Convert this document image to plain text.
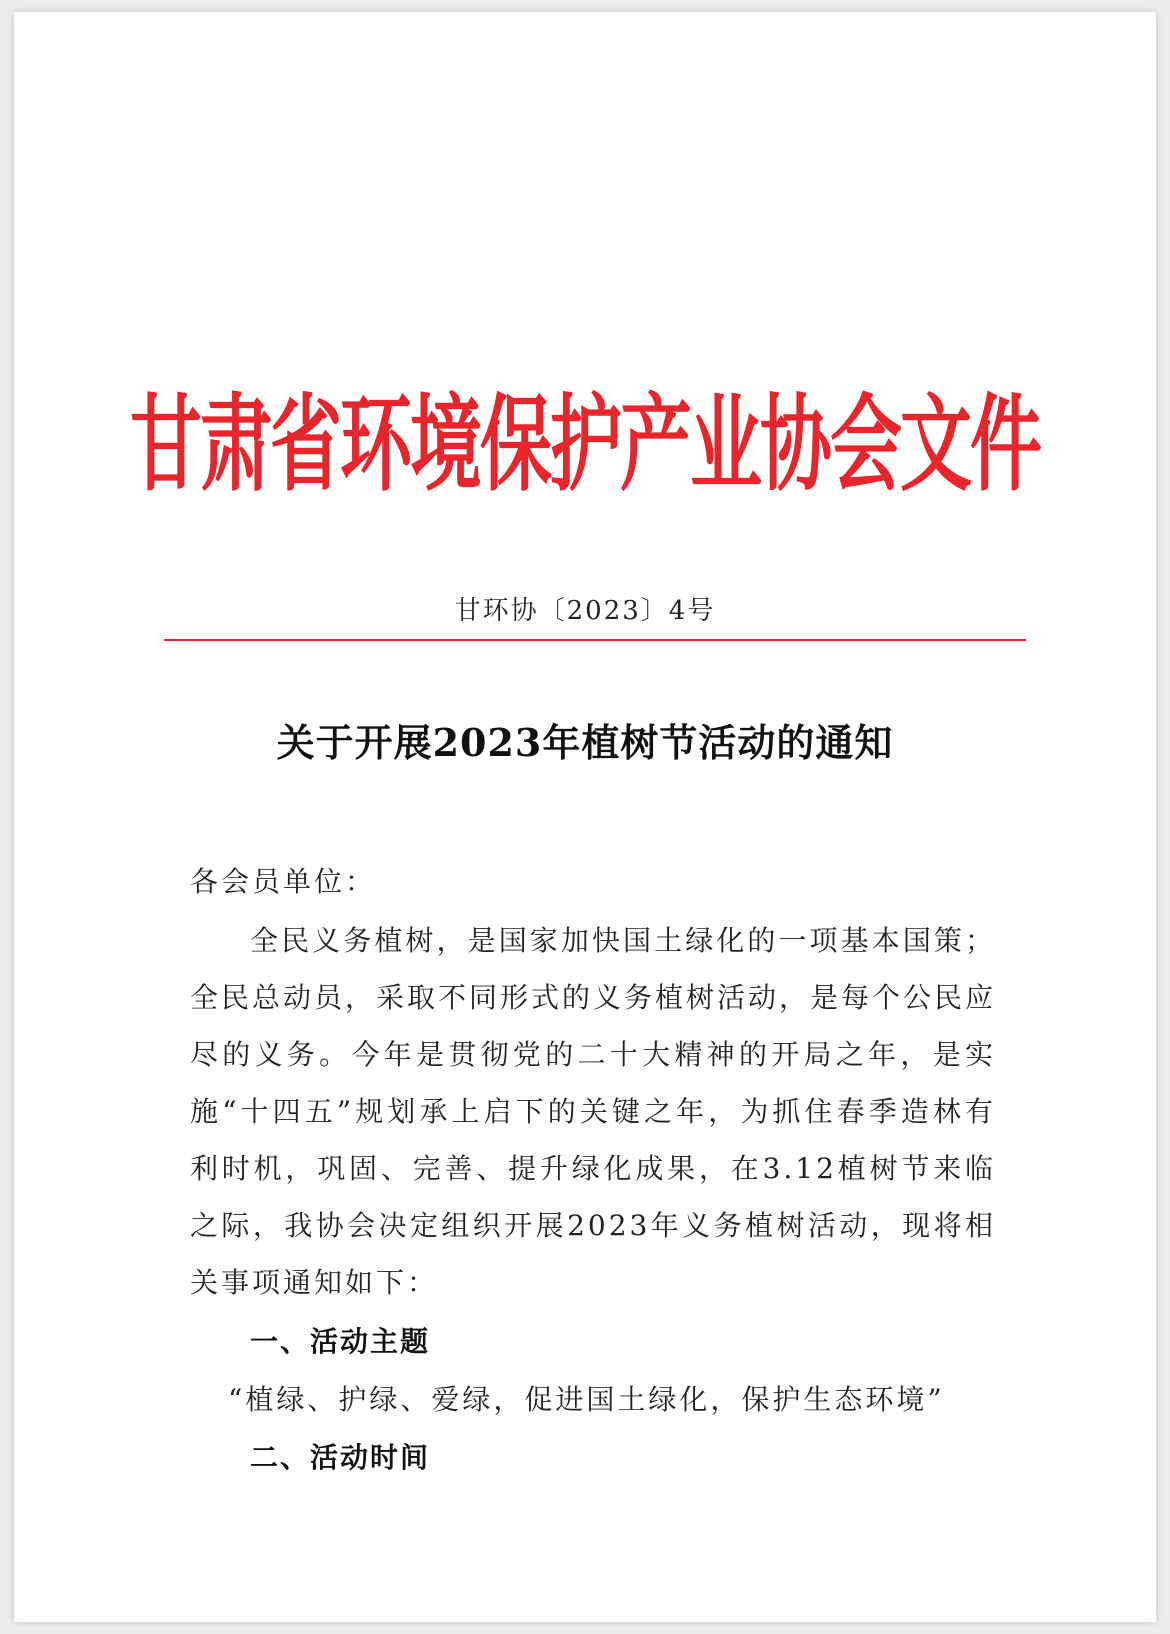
甘肃省环境保护产业协会文件
甘环协〔2023〕4号
关于开展2023年植树节活动的通知
各会员单位：
全民义务植树，是国家加快国土绿化的一项基本国策；全民总动员，采取不同形式的义务植树活动，是每个公民应尽的义务。今年是贯彻党的二十大精神的开局之年，是实施“十四五”规划承上启下的关键之年，为抓住春季造林有利时机，巩固、完善、提升绿化成果，在3.12植树节来临之际，我协会决定组织开展2023年义务植树活动，现将相关事项通知如下：
一、活动主题
“植绿、护绿、爱绿，促进国土绿化，保护生态环境”
二、活动时间
